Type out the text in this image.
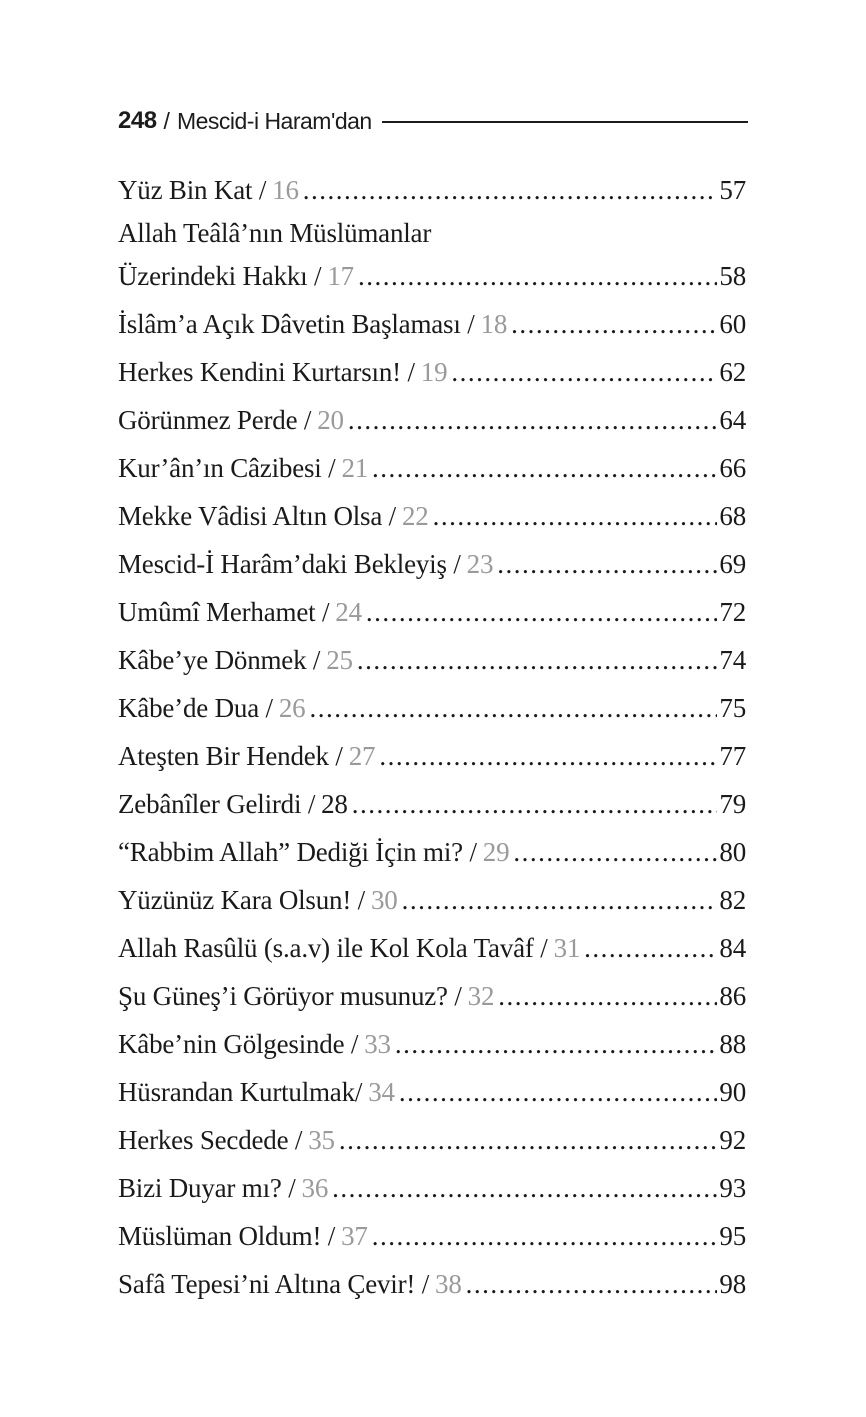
248 / Mescid-i Haram'dan
Yüz Bin Kat / 16 .....	57
Allah Teâlâ’nın Müslümanlar
Üzerindeki Hakkı / 17 .....	58
İslâm’a Açık Dâvetin Başlaması / 18 .....	60
Herkes Kendini Kurtarsın! / 19 .....	62
Görünmez Perde / 20 .....	64
Kur’ân’ın Câzibesi / 21 .....	66
Mekke Vâdisi Altın Olsa / 22 .....	68
Mescid-İ Harâm’daki Bekleyiş / 23 .....	69
Umûmî Merhamet / 24 .....	72
Kâbe’ye Dönmek / 25 .....	74
Kâbe’de Dua / 26 .....	75
Ateşten Bir Hendek / 27 .....	77
Zebânîler Gelirdi / 28 .....	79
“Rabbim Allah” Dediği İçin mi? / 29 .....	80
Yüzünüz Kara Olsun! / 30 .....	82
Allah Rasûlü (s.a.v) ile Kol Kola Tavâf / 31 .....	84
Şu Güneş’i Görüyor musunuz? / 32 .....	86
Kâbe’nin Gölgesinde / 33 .....	88
Hüsrandan Kurtulmak/ 34 .....	90
Herkes Secdede / 35 .....	92
Bizi Duyar mı? / 36 .....	93
Müslüman Oldum! / 37 .....	95
Safâ Tepesi’ni Altına Çevir! / 38 .....	98
